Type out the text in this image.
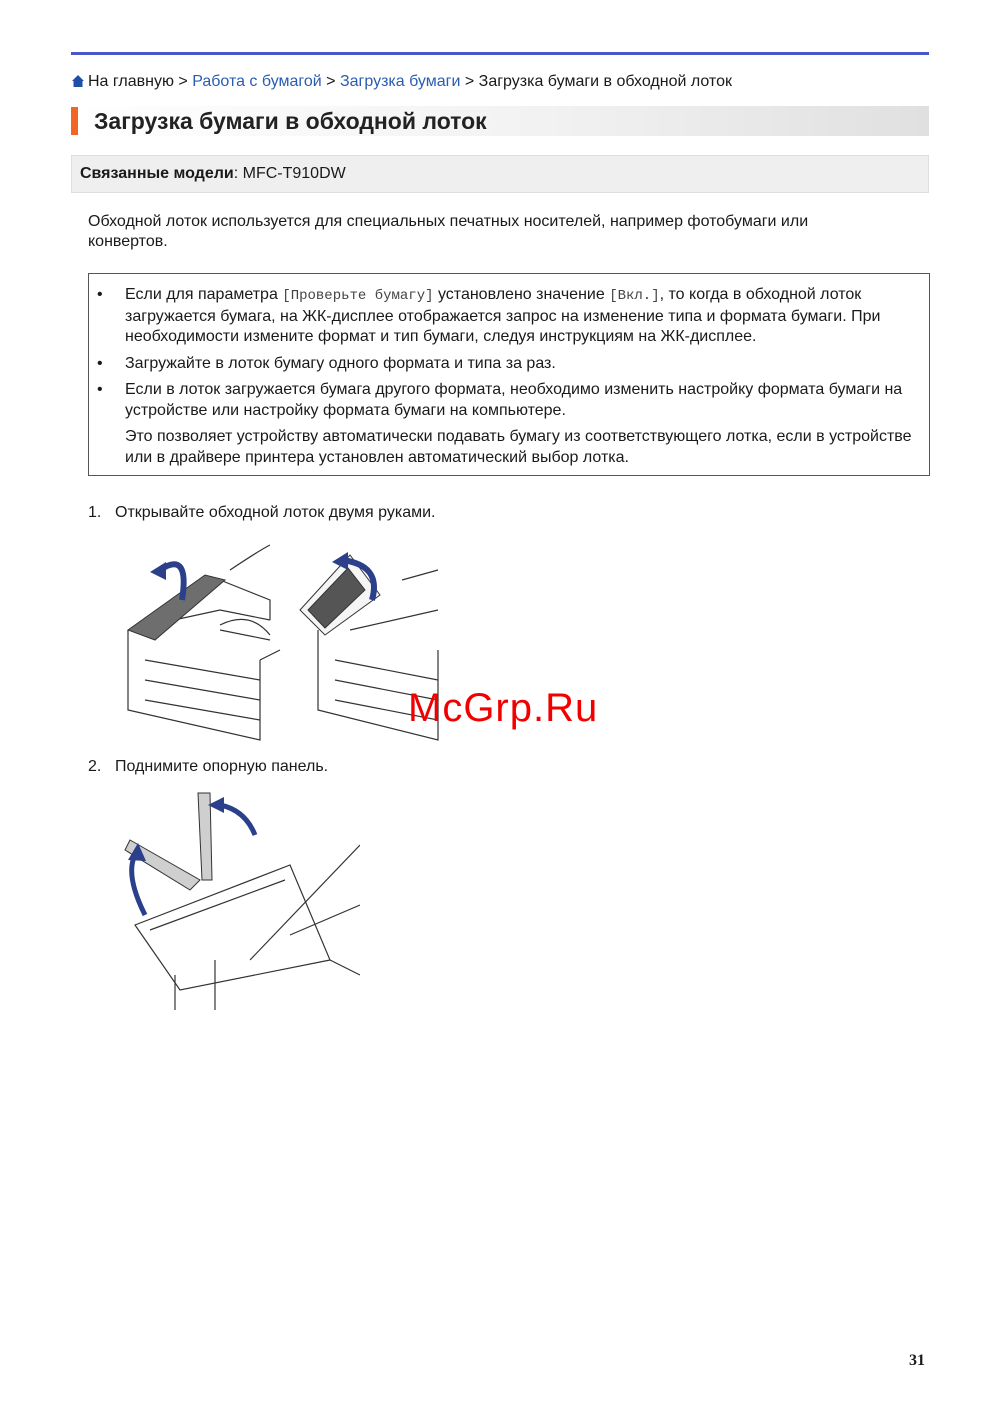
На главную > Работа с бумагой > Загрузка бумаги > Загрузка бумаги в обходной лоток
Загрузка бумаги в обходной лоток
Связанные модели: MFC-T910DW

Обходной лоток используется для специальных печатных носителей, например фотобумаги или конвертов.

• Если для параметра [Проверьте бумагу] установлено значение [Вкл.], то когда в обходной лоток загружается бумага, на ЖК-дисплее отображается запрос на изменение типа и формата бумаги. При необходимости измените формат и тип бумаги, следуя инструкциям на ЖК-дисплее.
• Загружайте в лоток бумагу одного формата и типа за раз.
• Если в лоток загружается бумага другого формата, необходимо изменить настройку формата бумаги на устройстве или настройку формата бумаги на компьютере.
Это позволяет устройству автоматически подавать бумагу из соответствующего лотка, если в устройстве или в драйвере принтера установлен автоматический выбор лотка.
1. Открывайте обходной лоток двумя руками.
McGrp.Ru
2. Поднимите опорную панель.
31
